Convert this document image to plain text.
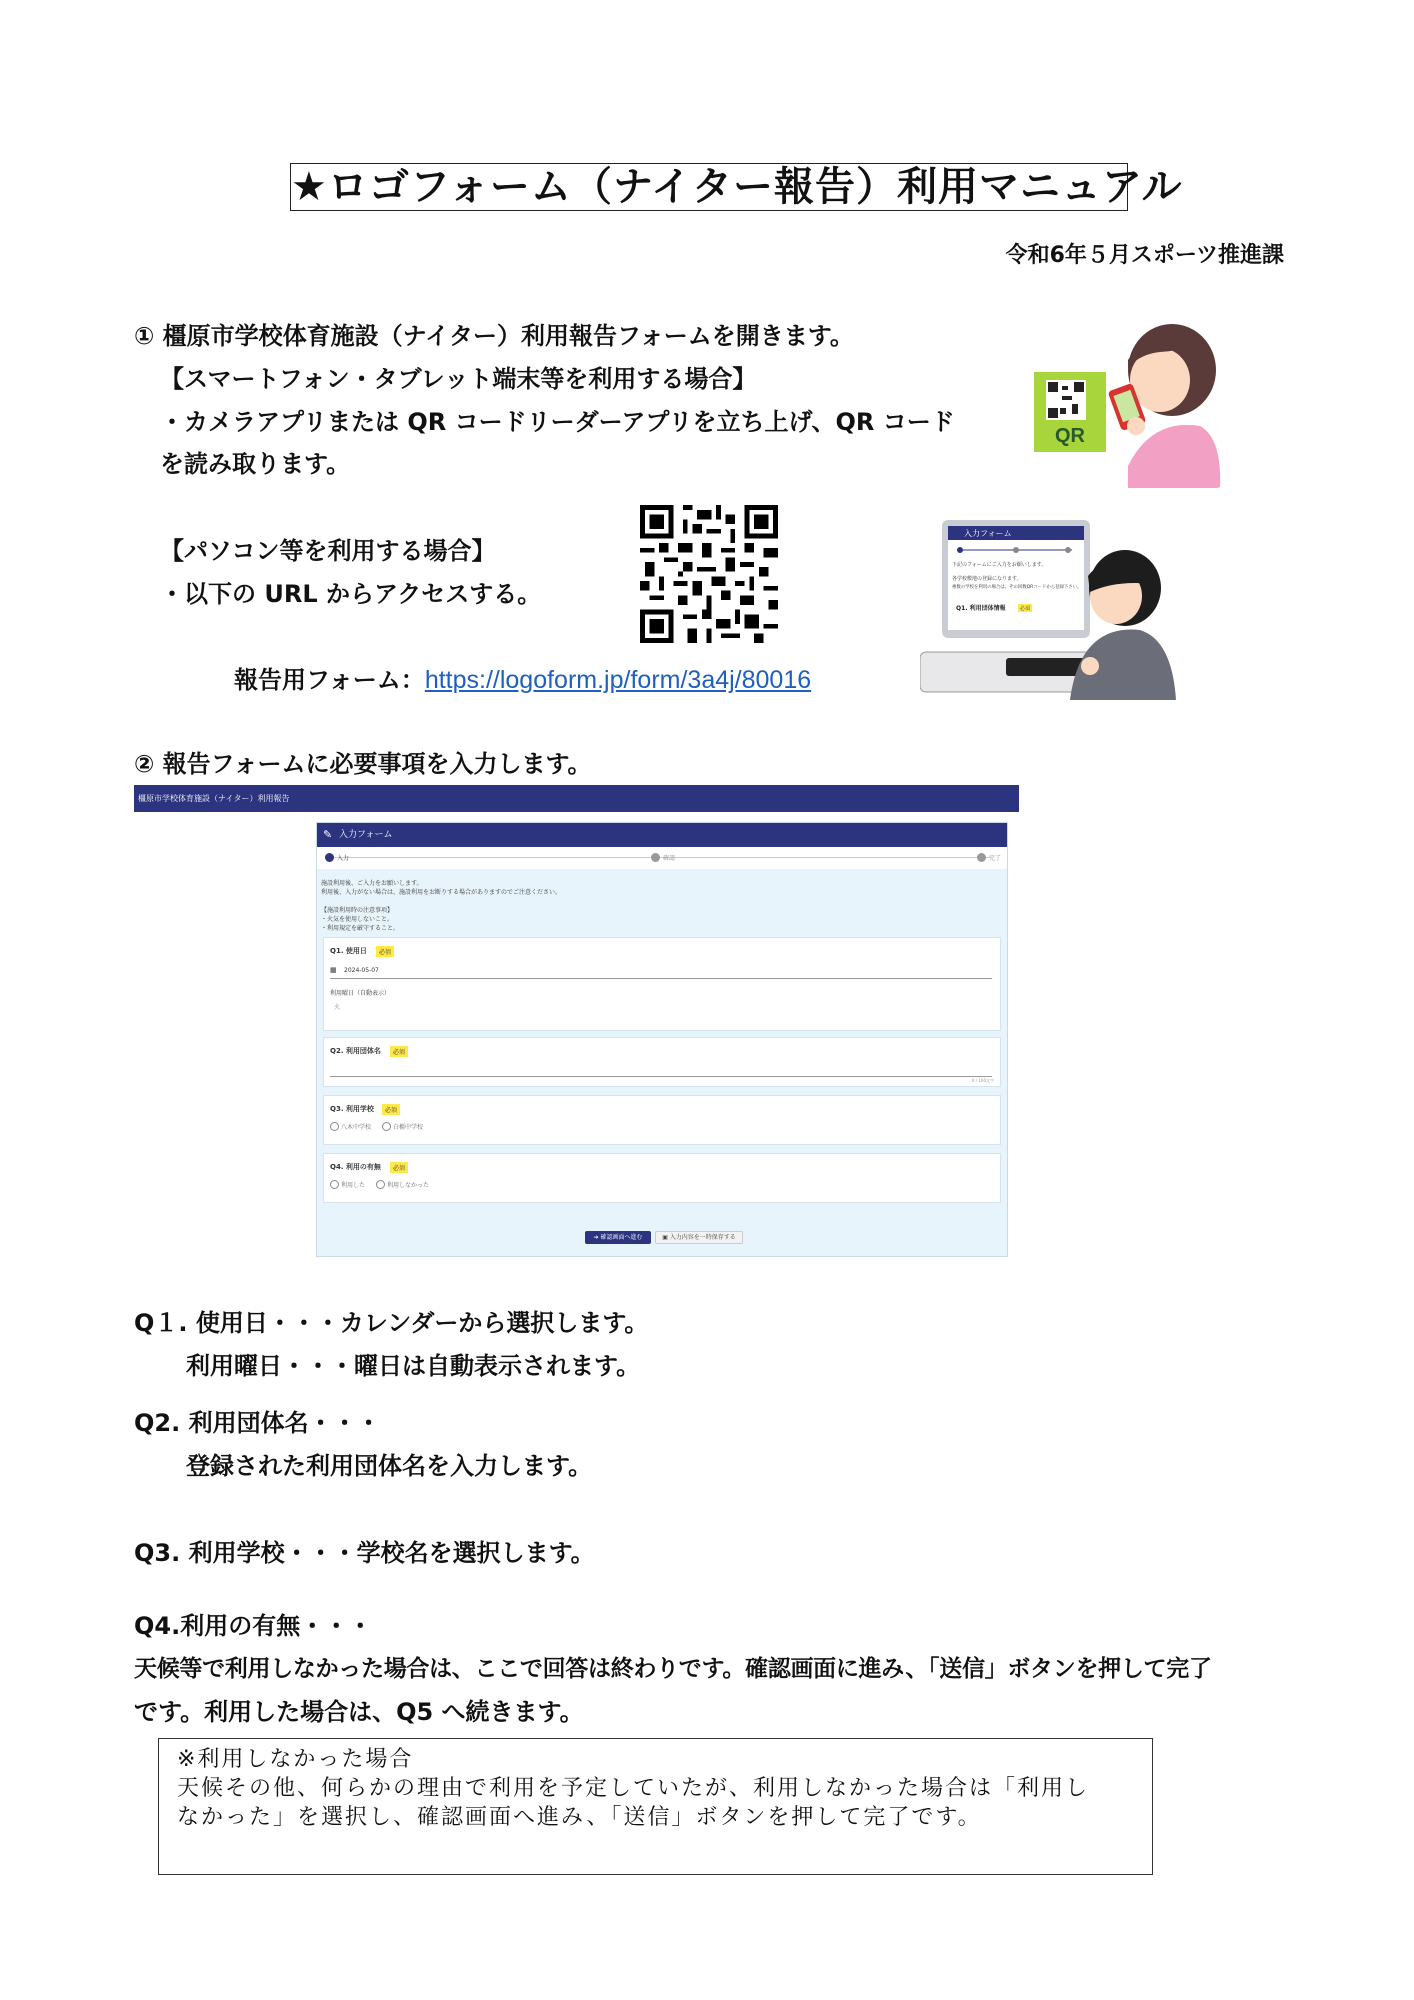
★ロゴフォーム（ナイター報告）利用マニュアル
令和6年５月スポーツ推進課
① 橿原市学校体育施設（ナイター）利用報告フォームを開きます。
【スマートフォン・タブレット端末等を利用する場合】
・カメラアプリまたは QR コードリーダーアプリを立ち上げ、QR コード
を読み取ります。
【パソコン等を利用する場合】
・以下の URL からアクセスする。
報告用フォーム：https://logoform.jp/form/3a4j/80016
QR
入力フォーム
下記のフォームにご入力をお願いします。
各学校敷地の登録になります。
複数の学校を利用の場合は、その回数QRコードから登録下さい。
Q1. 利用団体情報	必須
② 報告フォームに必要事項を入力します。
橿原市学校体育施設（ナイター）利用報告
✎ 入力フォーム
入力	確認	完了
施設利用後、ご入力をお願いします。
利用後、入力がない場合は、施設利用をお断りする場合がありますのでご注意ください。
【施設利用時の注意事項】
・火気を使用しないこと。
・利用規定を厳守すること。
Q1. 使用日	必須
▦ 2024-05-07
利用曜日（自動表示）
火
Q2. 利用団体名	必須
0 / 100文字
Q3. 利用学校	必須
八木中学校	白橿中学校
Q4. 利用の有無	必須
利用した	利用しなかった
➔ 確認画面へ進む	▣ 入力内容を一時保存する
Q１. 使用日・・・カレンダーから選択します。
利用曜日・・・曜日は自動表示されます。
Q2. 利用団体名・・・
登録された利用団体名を入力します。
Q3. 利用学校・・・学校名を選択します。
Q4.利用の有無・・・
天候等で利用しなかった場合は、ここで回答は終わりです。確認画面に進み、「送信」ボタンを押して完了
です。利用した場合は、Q5 へ続きます。
※利用しなかった場合
天候その他、何らかの理由で利用を予定していたが、利用しなかった場合は「利用し
なかった」を選択し、確認画面へ進み、「送信」ボタンを押して完了です。
